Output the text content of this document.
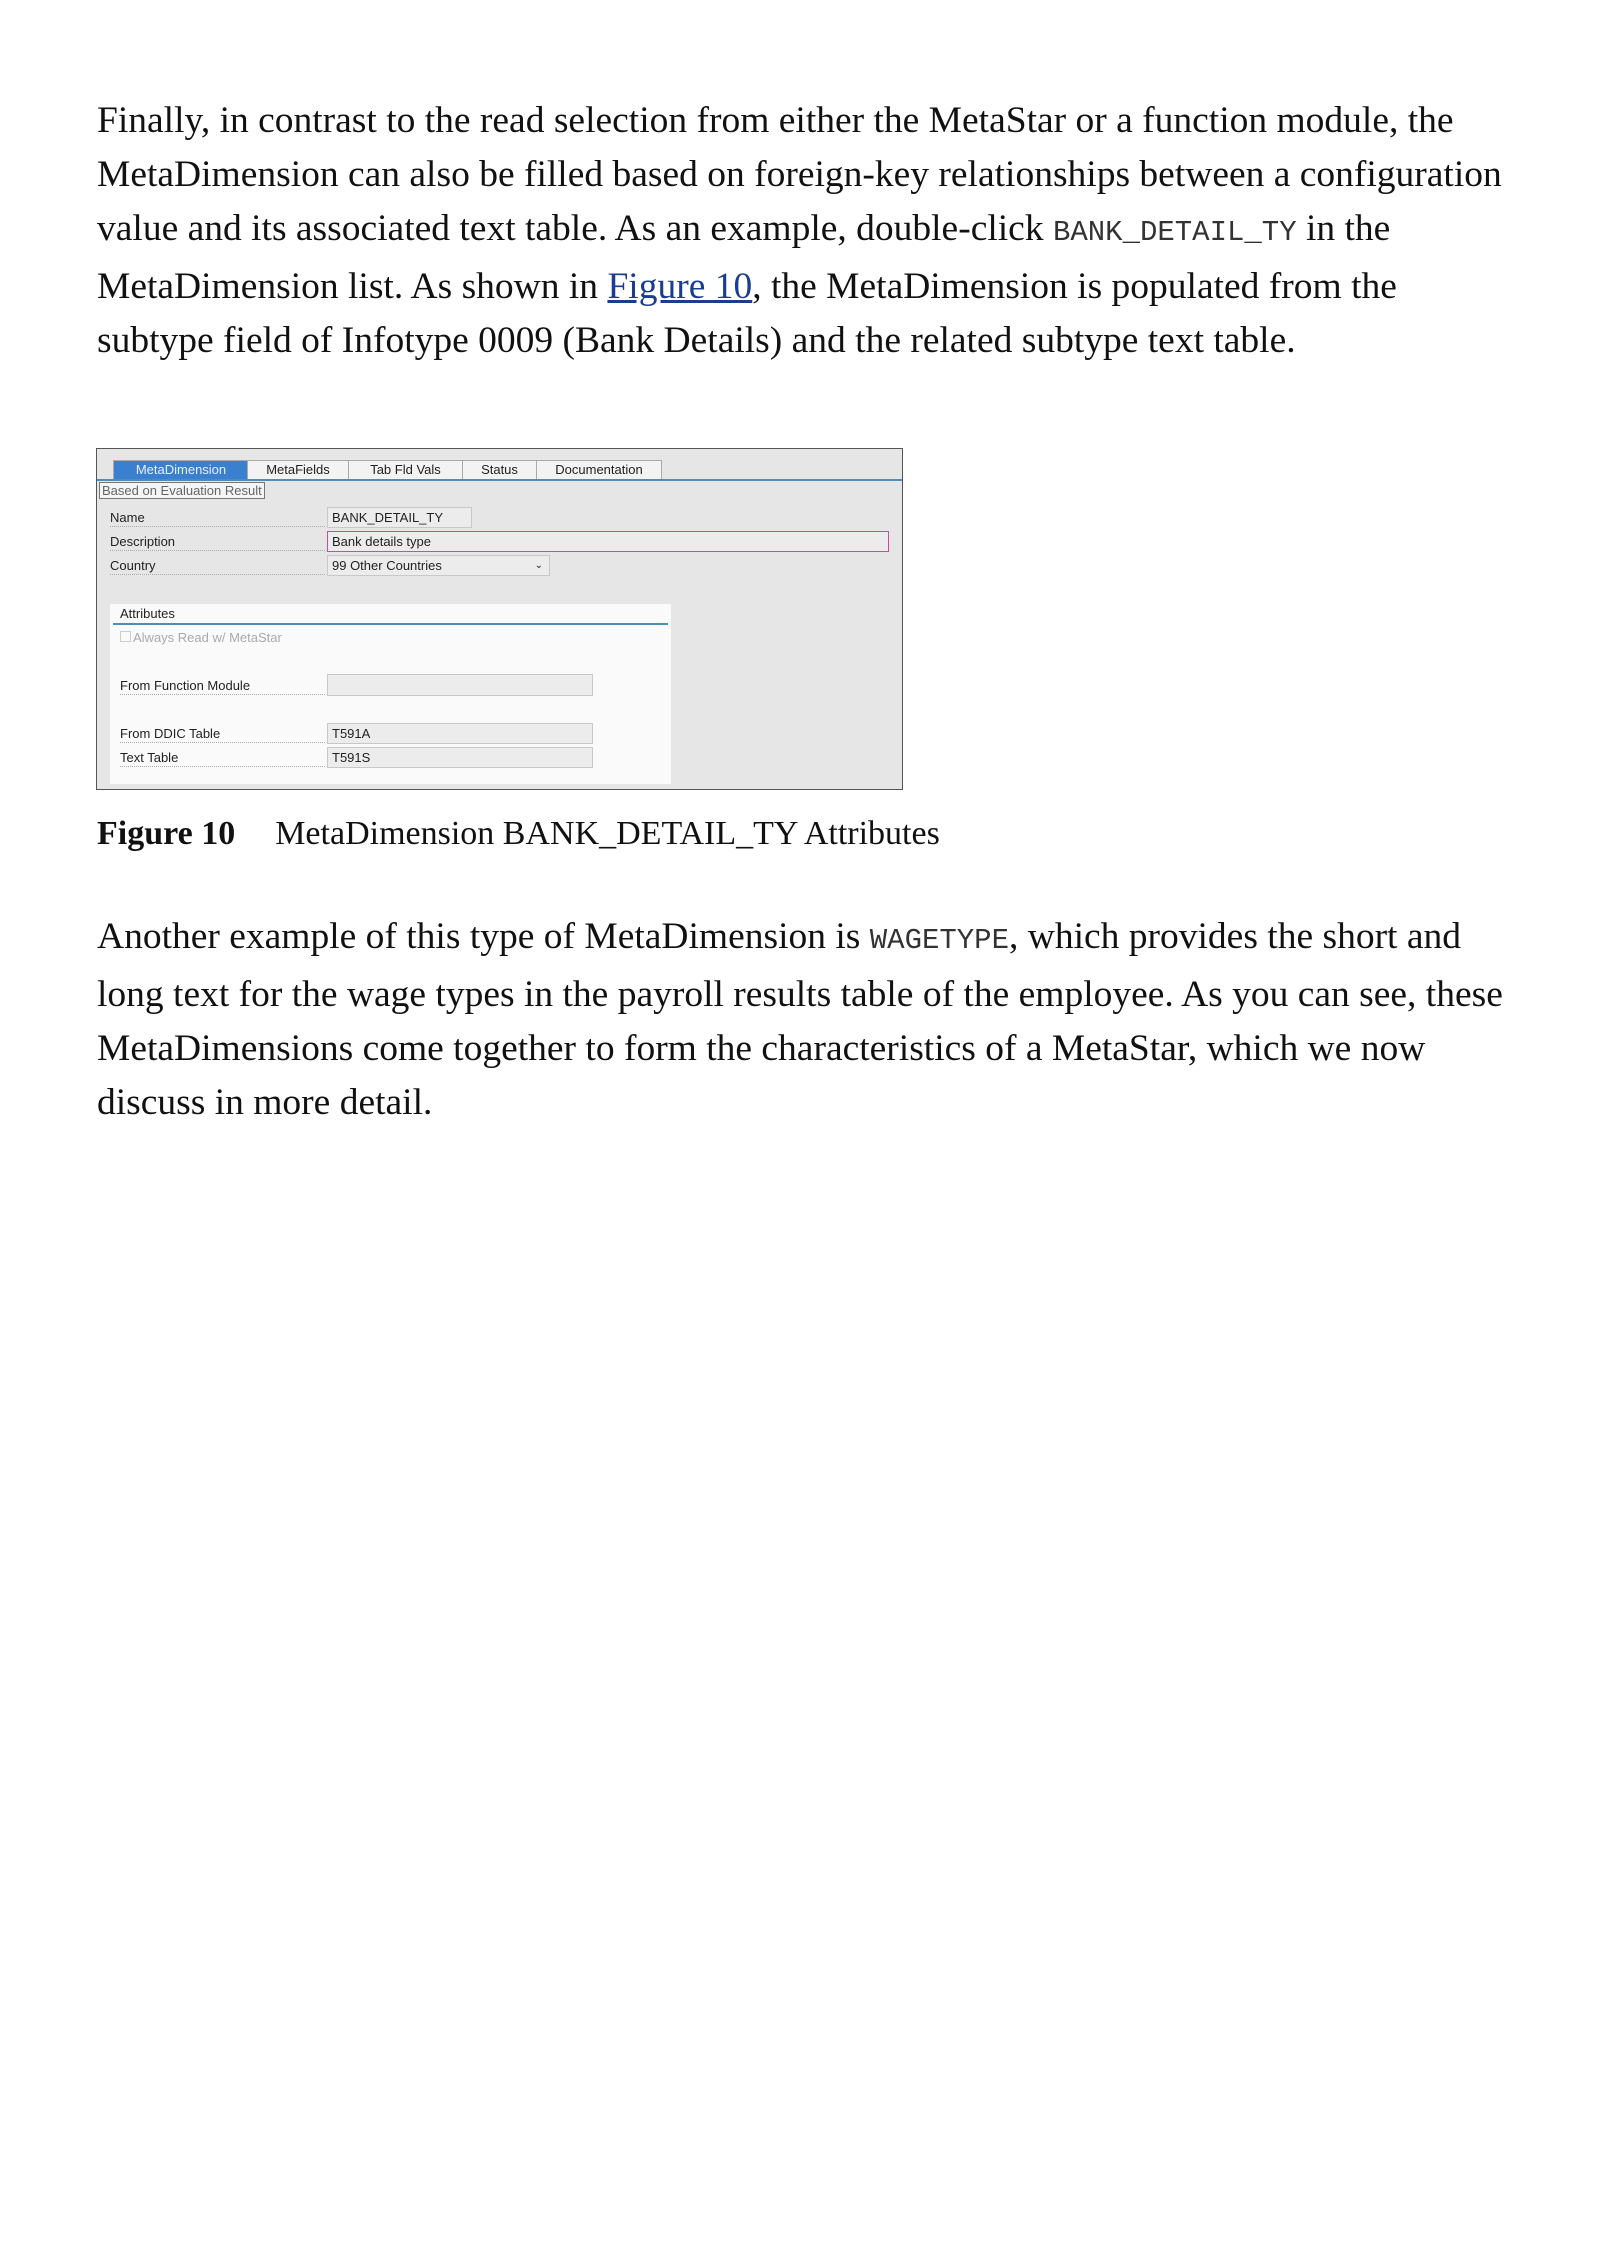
Finally, in contrast to the read selection from either the MetaStar or a function module, the MetaDimension can also be filled based on foreign-key relationships between a configuration value and its associated text table. As an example, double-click BANK_DETAIL_TY in the MetaDimension list. As shown in Figure 10, the MetaDimension is populated from the subtype field of Infotype 0009 (Bank Details) and the related subtype text table.

MetaDimension	MetaFields	Tab Fld Vals	Status	Documentation
Based on Evaluation Result
Name	BANK_DETAIL_TY
Description	Bank details type
Country	99 Other Countries	⌄
Attributes
Always Read w/ MetaStar
From Function Module
From DDIC Table	T591A
Text Table	T591S
Figure 10 MetaDimension BANK_DETAIL_TY Attributes

Another example of this type of MetaDimension is WAGETYPE, which provides the short and long text for the wage types in the payroll results table of the employee. As you can see, these MetaDimensions come together to form the characteristics of a MetaStar, which we now discuss in more detail.
